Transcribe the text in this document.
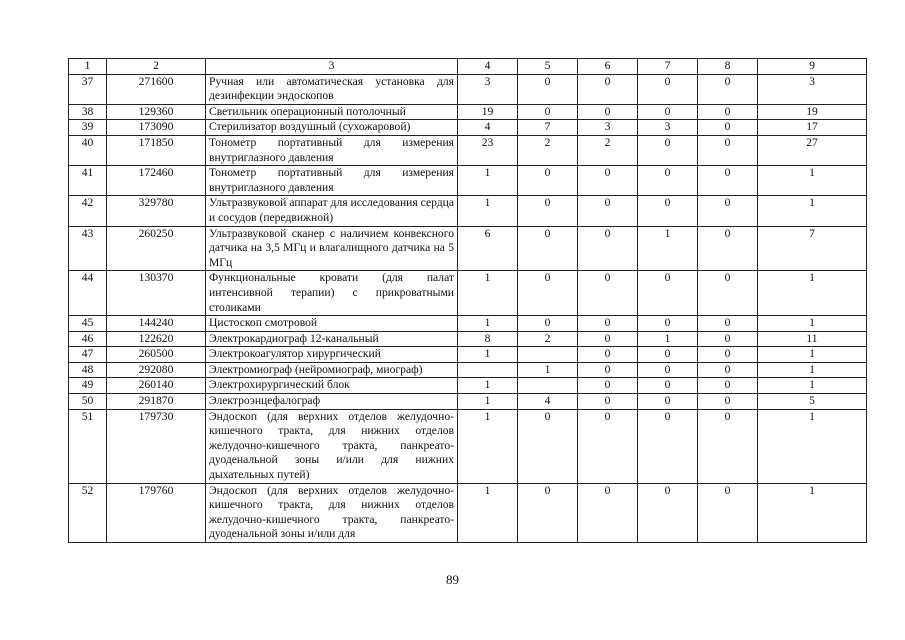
1	2	3	4	5	6	7	8	9
37	271600	Ручная или автоматическая установка для дезинфекции эндоскопов	3	0	0	0	0	3
38	129360	Светильник операционный потолочный	19	0	0	0	0	19
39	173090	Стерилизатор воздушный (сухожаровой)	4	7	3	3	0	17
40	171850	Тонометр портативный для измерения внутриглазного давления	23	2	2	0	0	27
41	172460	Тонометр портативный для измерения внутриглазного давления	1	0	0	0	0	1
42	329780	Ультразвуковой аппарат для исследования сердца и сосудов (передвижной)	1	0	0	0	0	1
43	260250	Ультразвуковой сканер с наличием конвексного датчика на 3,5 МГц и влагалищного датчика на 5 МГц	6	0	0	1	0	7
44	130370	Функциональные кровати (для палат интенсивной терапии) с прикроватными столиками	1	0	0	0	0	1
45	144240	Цистоскоп смотровой	1	0	0	0	0	1
46	122620	Электрокардиограф 12-канальный	8	2	0	1	0	11
47	260500	Электрокоагулятор хирургический	1		0	0	0	1
48	292080	Электромиограф (нейромиограф, миограф)		1	0	0	0	1
49	260140	Электрохирургический блок	1		0	0	0	1
50	291870	Электроэнцефалограф	1	4	0	0	0	5
51	179730	Эндоскоп (для верхних отделов желудочно-кишечного тракта, для нижних отделов желудочно-кишечного тракта, панкреато-дуоденальной зоны и/или для нижних дыхательных путей)	1	0	0	0	0	1
52	179760	Эндоскоп (для верхних отделов желудочно-кишечного тракта, для нижних отделов желудочно-кишечного тракта, панкреато-дуоденальной зоны и/или для	1	0	0	0	0	1
89
